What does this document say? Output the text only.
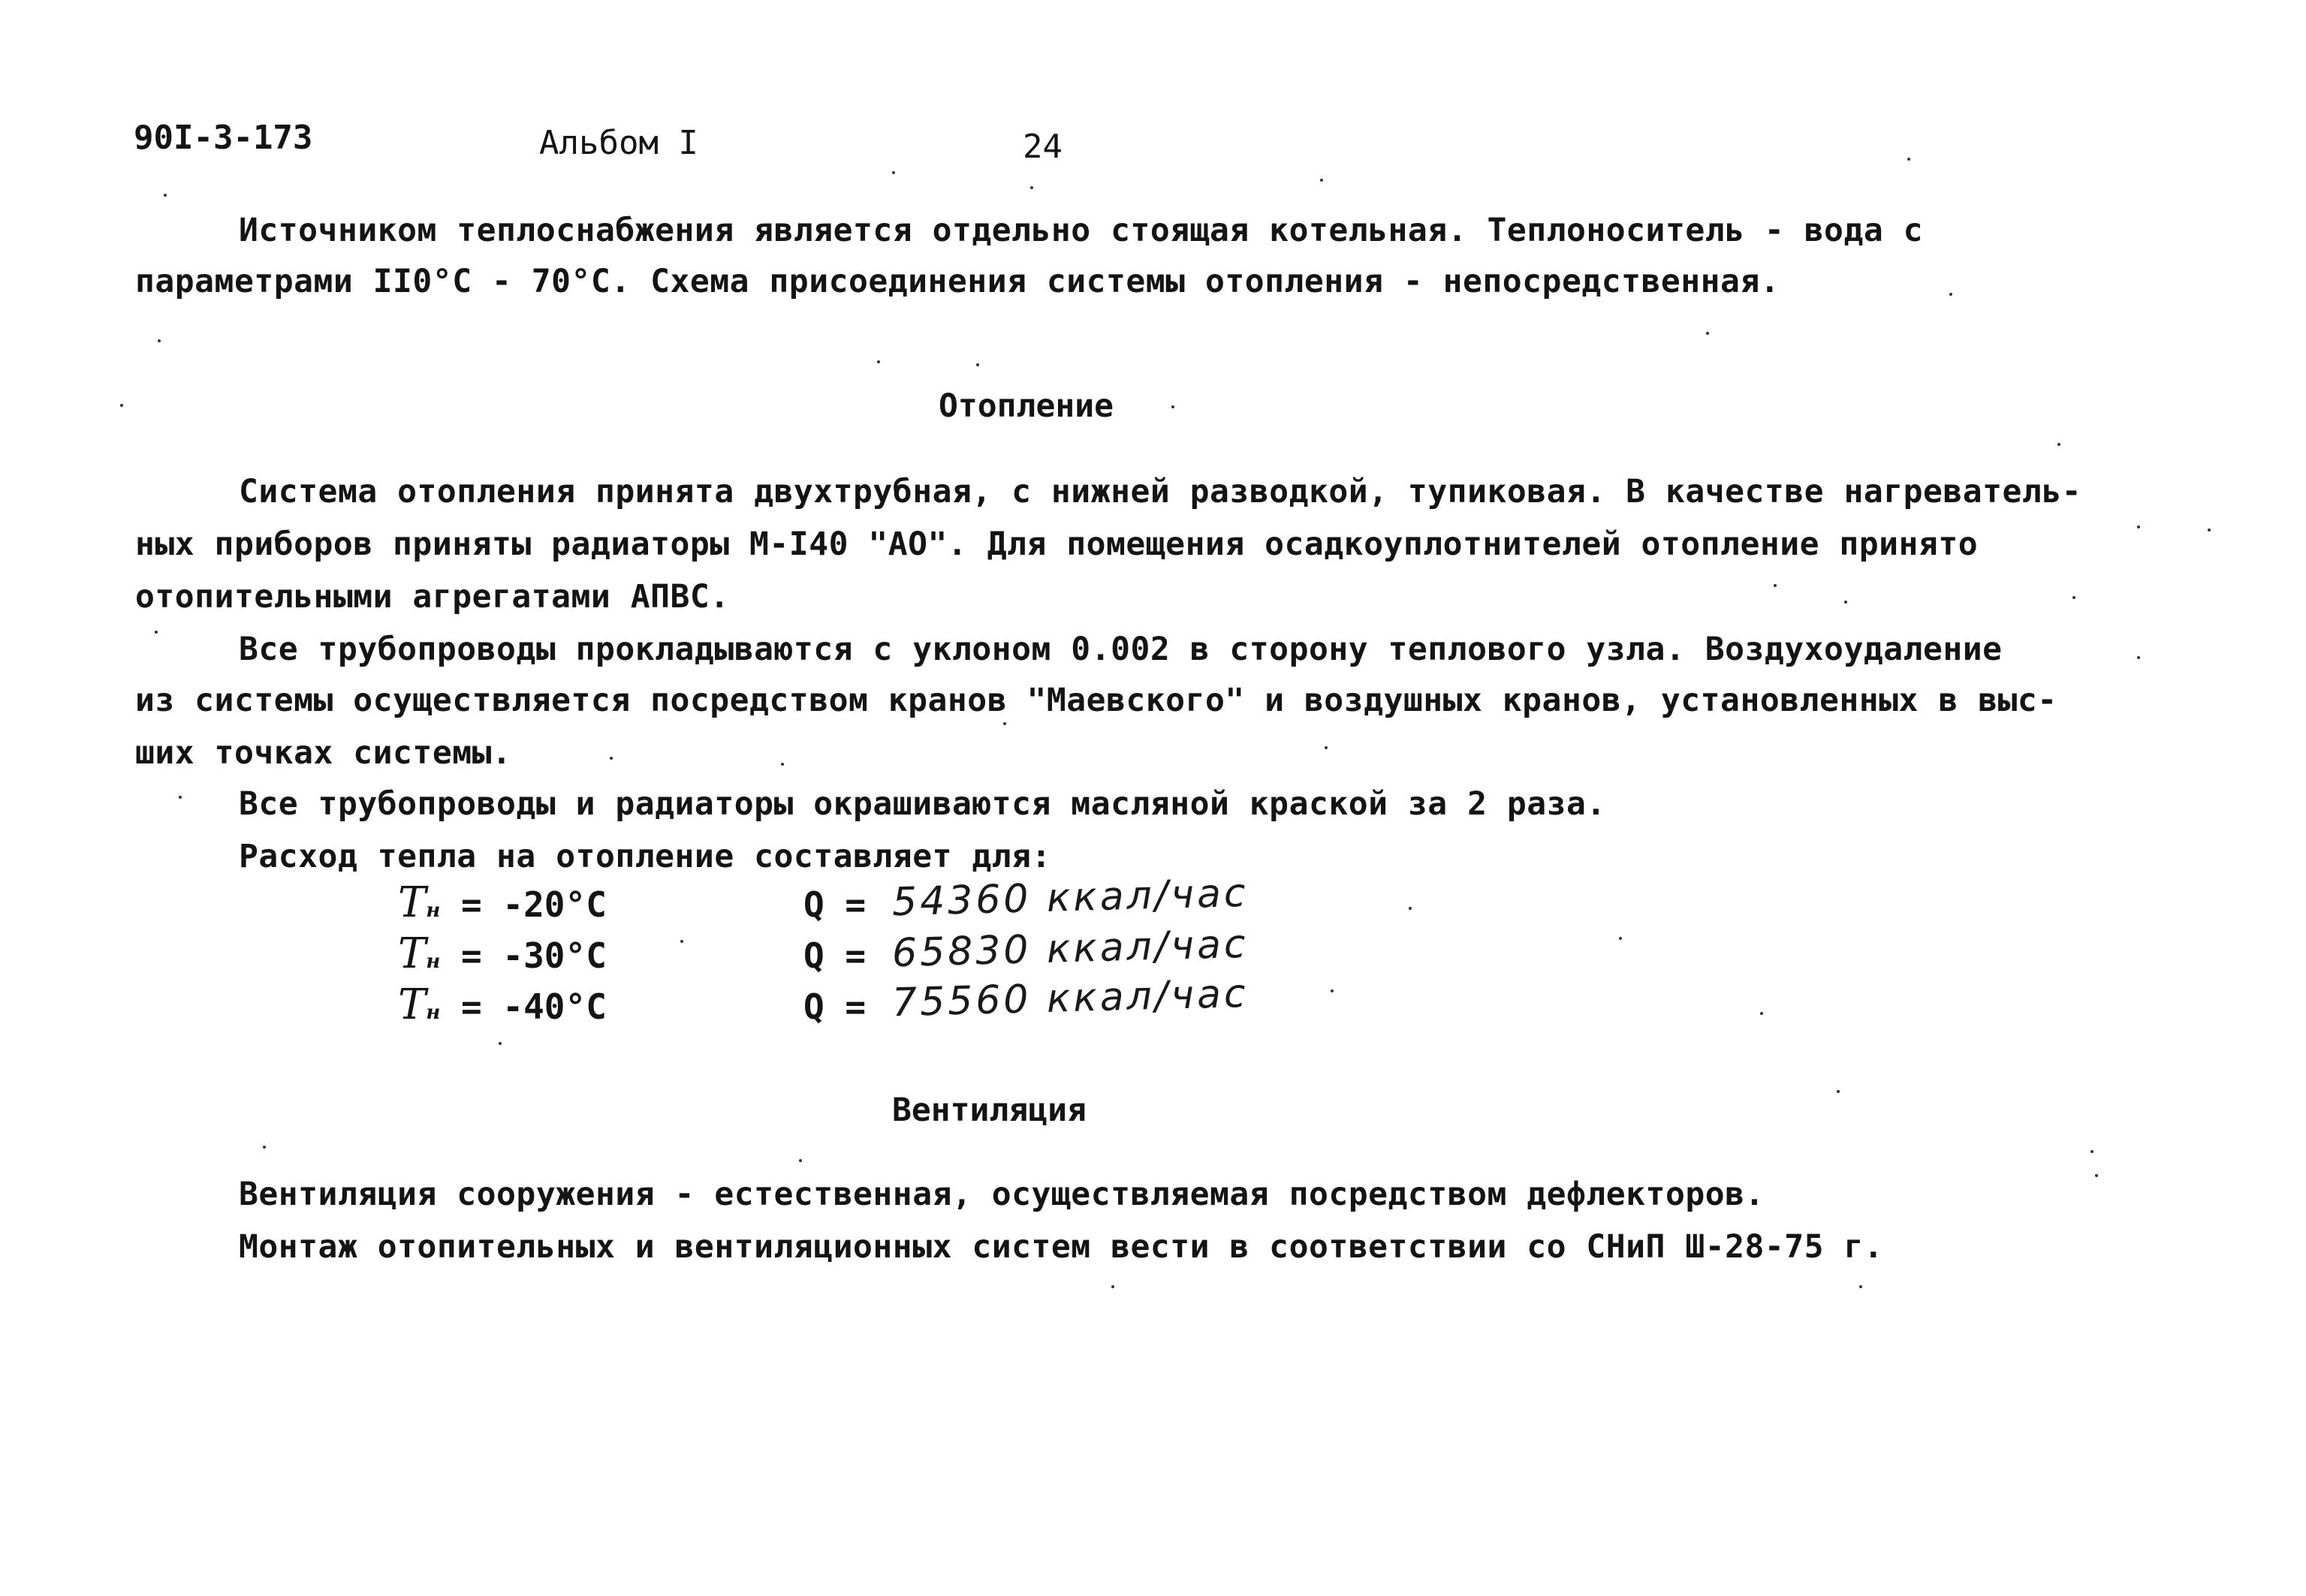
90I-3-173	Альбом I	24
Источником теплоснабжения является отдельно стоящая котельная. Теплоноситель - вода с
параметрами II0°C - 70°C. Схема присоединения системы отопления - непосредственная.
Отопление
Система отопления принята двухтрубная, с нижней разводкой, тупиковая. В качестве нагреватель-
ных приборов приняты радиаторы М-I40 "АО". Для помещения осадкоуплотнителей отопление принято
отопительными агрегатами АПВС.
Все трубопроводы прокладываются с уклоном 0.002 в сторону теплового узла. Воздухоудаление
из системы осуществляется посредством кранов "Маевского" и воздушных кранов, установленных в выс-
ших точках системы.
Все трубопроводы и радиаторы окрашиваются масляной краской за 2 раза.
Расход тепла на отопление составляет для:
Tн = -20°C	Q = 54360 ккал/час
Tн = -30°C	Q = 65830 ккал/час
Tн = -40°C	Q = 75560 ккал/час
Вентиляция
Вентиляция сооружения - естественная, осуществляемая посредством дефлекторов.
Монтаж отопительных и вентиляционных систем вести в соответствии со СНиП Ш-28-75 г.
